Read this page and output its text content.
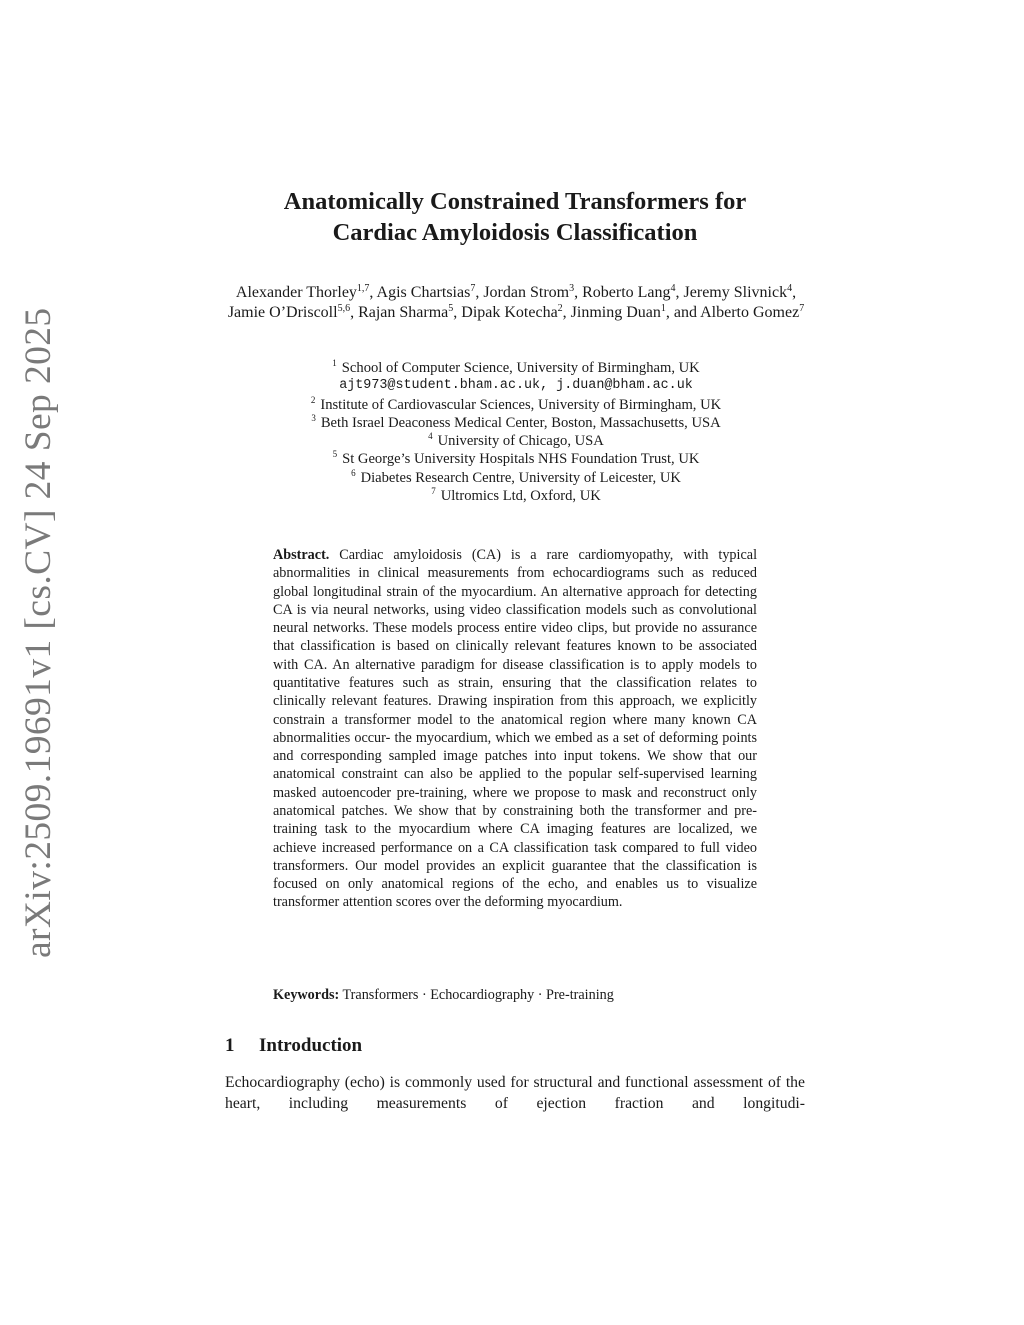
arXiv:2509.19691v1 [cs.CV] 24 Sep 2025
Anatomically Constrained Transformers for
Cardiac Amyloidosis Classification
Alexander Thorley$^{1,7}$, Agis Chartsias$^7$, Jordan Strom$^3$, Roberto Lang$^4$, Jeremy Slivnick$^4$, Jamie O’Driscoll$^{5,6}$, Rajan Sharma$^5$, Dipak Kotecha$^2$, Jinming Duan$^1$, and Alberto Gomez$^7$
$^1$ School of Computer Science, University of Birmingham, UK
ajt973@student.bham.ac.uk, j.duan@bham.ac.uk
$^2$ Institute of Cardiovascular Sciences, University of Birmingham, UK
$^3$ Beth Israel Deaconess Medical Center, Boston, Massachusetts, USA
$^4$ University of Chicago, USA
$^5$ St George’s University Hospitals NHS Foundation Trust, UK
$^6$ Diabetes Research Centre, University of Leicester, UK
$^7$ Ultromics Ltd, Oxford, UK
Abstract. Cardiac amyloidosis (CA) is a rare cardiomyopathy, with typical abnormalities in clinical measurements from echocardiograms such as reduced global longitudinal strain of the myocardium. An alternative approach for detecting CA is via neural networks, using video classification models such as convolutional neural networks. These models process entire video clips, but provide no assurance that classification is based on clinically relevant features known to be associated with CA. An alternative paradigm for disease classification is to apply models to quantitative features such as strain, ensuring that the classification relates to clinically relevant features. Drawing inspiration from this approach, we explicitly constrain a transformer model to the anatomical region where many known CA abnormalities occur- the myocardium, which we embed as a set of deforming points and corresponding sampled image patches into input tokens. We show that our anatomical constraint can also be applied to the popular self-supervised learning masked autoencoder pre-training, where we propose to mask and reconstruct only anatomical patches. We show that by constraining both the transformer and pre-training task to the myocardium where CA imaging features are localized, we achieve increased performance on a CA classification task compared to full video transformers. Our model provides an explicit guarantee that the classification is focused on only anatomical regions of the echo, and enables us to visualize transformer attention scores over the deforming myocardium.
Keywords: Transformers · Echocardiography · Pre-training
1 Introduction
Echocardiography (echo) is commonly used for structural and functional assessment of the heart, including measurements of ejection fraction and longitudi-
